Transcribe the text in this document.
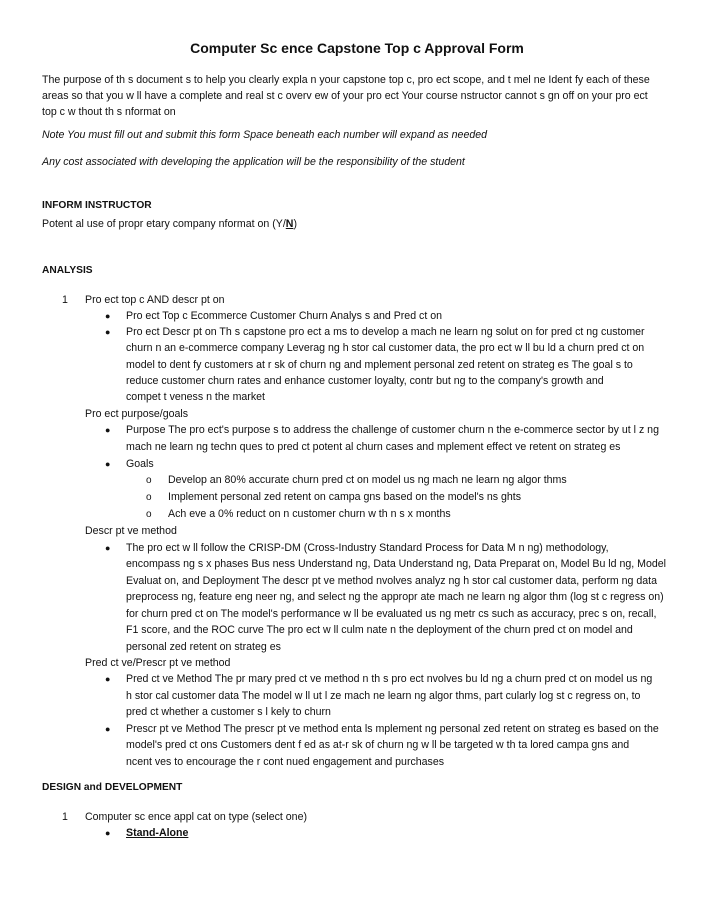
Computer Sc ence Capstone Top c Approval Form
The purpose of th s document s to help you clearly expla n your capstone top c, pro ect scope, and t mel ne Ident fy each of these
areas so that you w ll have a complete and real st c overv ew of your pro ect Your course nstructor cannot s gn off on your pro ect
top c w thout th s nformat on
Note You must fill out and submit this form Space beneath each number will expand as needed
Any cost associated with developing the application will be the responsibility of the student
INFORM INSTRUCTOR
Potent al use of propr etary company nformat on (Y/N)
ANALYSIS
1 Pro ect top c AND descr pt on
● Pro ect Top c Ecommerce Customer Churn Analys s and Pred ct on
● Pro ect Descr pt on Th s capstone pro ect a ms to develop a mach ne learn ng solut on for pred ct ng customer
churn n an e-commerce company Leverag ng h stor cal customer data, the pro ect w ll bu ld a churn pred ct on
model to dent fy customers at r sk of churn ng and mplement personal zed retent on strateg es The goal s to
reduce customer churn rates and enhance customer loyalty, contr but ng to the company's growth and
compet t veness n the market
Pro ect purpose/goals
● Purpose The pro ect's purpose s to address the challenge of customer churn n the e-commerce sector by ut l z ng
mach ne learn ng techn ques to pred ct potent al churn cases and mplement effect ve retent on strateg es
● Goals
o Develop an 80% accurate churn pred ct on model us ng mach ne learn ng algor thms
o Implement personal zed retent on campa gns based on the model's ns ghts
o Ach eve a 0% reduct on n customer churn w th n s x months
Descr pt ve method
● The pro ect w ll follow the CRISP-DM (Cross-Industry Standard Process for Data M n ng) methodology,
encompass ng s x phases Bus ness Understand ng, Data Understand ng, Data Preparat on, Model Bu ld ng, Model
Evaluat on, and Deployment The descr pt ve method nvolves analyz ng h stor cal customer data, perform ng data
preprocess ng, feature eng neer ng, and select ng the appropr ate mach ne learn ng algor thm (log st c regress on)
for churn pred ct on The model's performance w ll be evaluated us ng metr cs such as accuracy, prec s on, recall,
F1 score, and the ROC curve The pro ect w ll culm nate n the deployment of the churn pred ct on model and
personal zed retent on strateg es
Pred ct ve/Prescr pt ve method
● Pred ct ve Method The pr mary pred ct ve method n th s pro ect nvolves bu ld ng a churn pred ct on model us ng
h stor cal customer data The model w ll ut l ze mach ne learn ng algor thms, part cularly log st c regress on, to
pred ct whether a customer s l kely to churn
● Prescr pt ve Method The prescr pt ve method enta ls mplement ng personal zed retent on strateg es based on the
model's pred ct ons Customers dent f ed as at-r sk of churn ng w ll be targeted w th ta lored campa gns and
ncent ves to encourage the r cont nued engagement and purchases
DESIGN and DEVELOPMENT
1 Computer sc ence appl cat on type (select one)
● Stand-Alone
